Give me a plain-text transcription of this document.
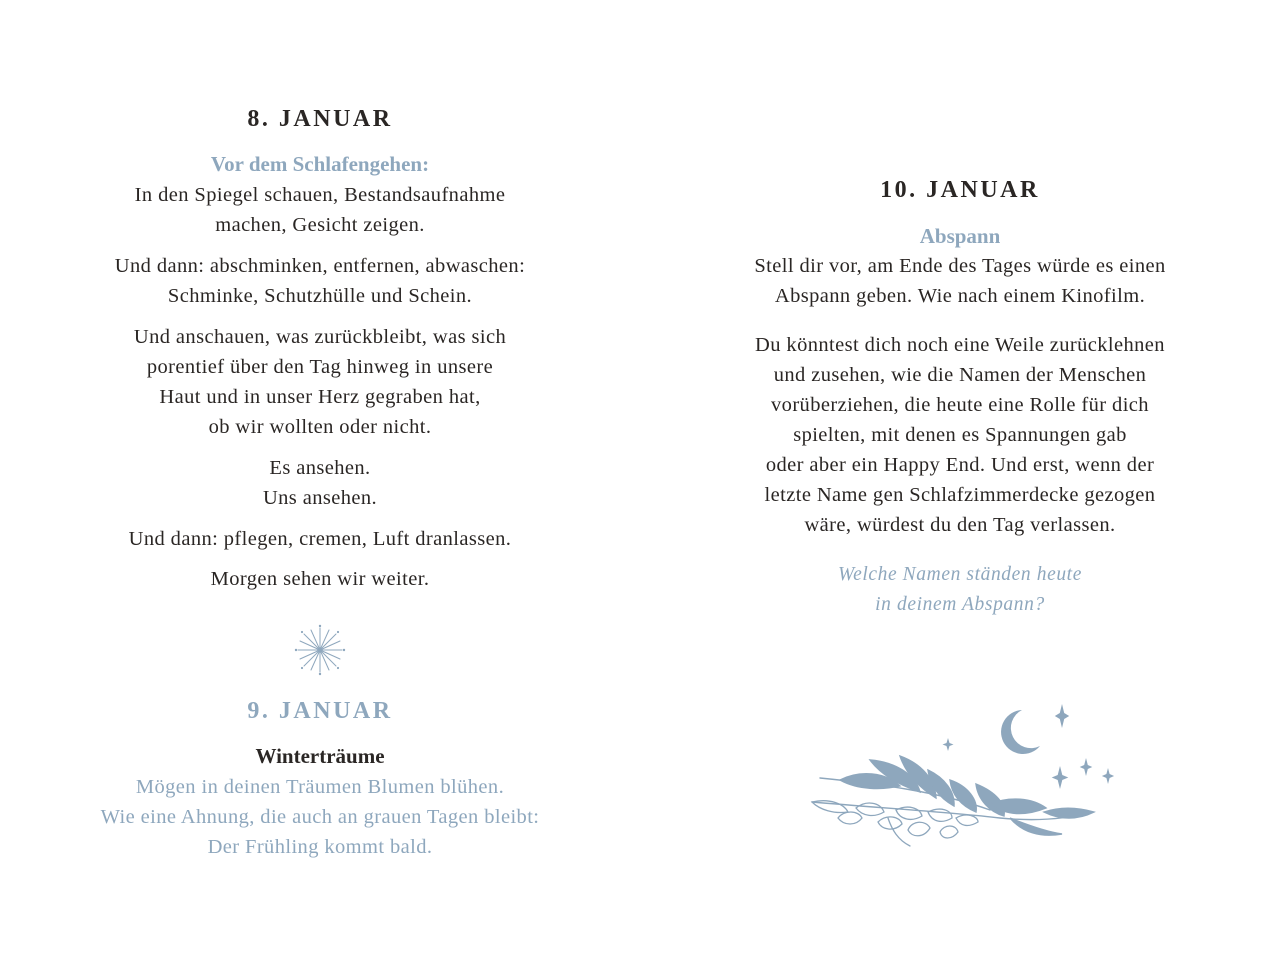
8. JANUAR
Vor dem Schlafengehen:

In den Spiegel schauen, Bestandsaufnahme

machen, Gesicht zeigen.

Und dann: abschminken, entfernen, abwaschen:

Schminke, Schutzhülle und Schein.

Und anschauen, was zurückbleibt, was sich

porentief über den Tag hinweg in unsere

Haut und in unser Herz gegraben hat,

ob wir wollten oder nicht.

Es ansehen.

Uns ansehen.

Und dann: pflegen, cremen, Luft dranlassen.

Morgen sehen wir weiter.

9. JANUAR
Winterträume

Mögen in deinen Träumen Blumen blühen.

Wie eine Ahnung, die auch an grauen Tagen bleibt:

Der Frühling kommt bald.

10. JANUAR
Abspann

Stell dir vor, am Ende des Tages würde es einen

Abspann geben. Wie nach einem Kinofilm.

Du könntest dich noch eine Weile zurücklehnen

und zusehen, wie die Namen der Menschen

vorüberziehen, die heute eine Rolle für dich

spielten, mit denen es Spannungen gab

oder aber ein Happy End. Und erst, wenn der

letzte Name gen Schlafzimmerdecke gezogen

wäre, würdest du den Tag verlassen.

Welche Namen ständen heute

in deinem Abspann?
